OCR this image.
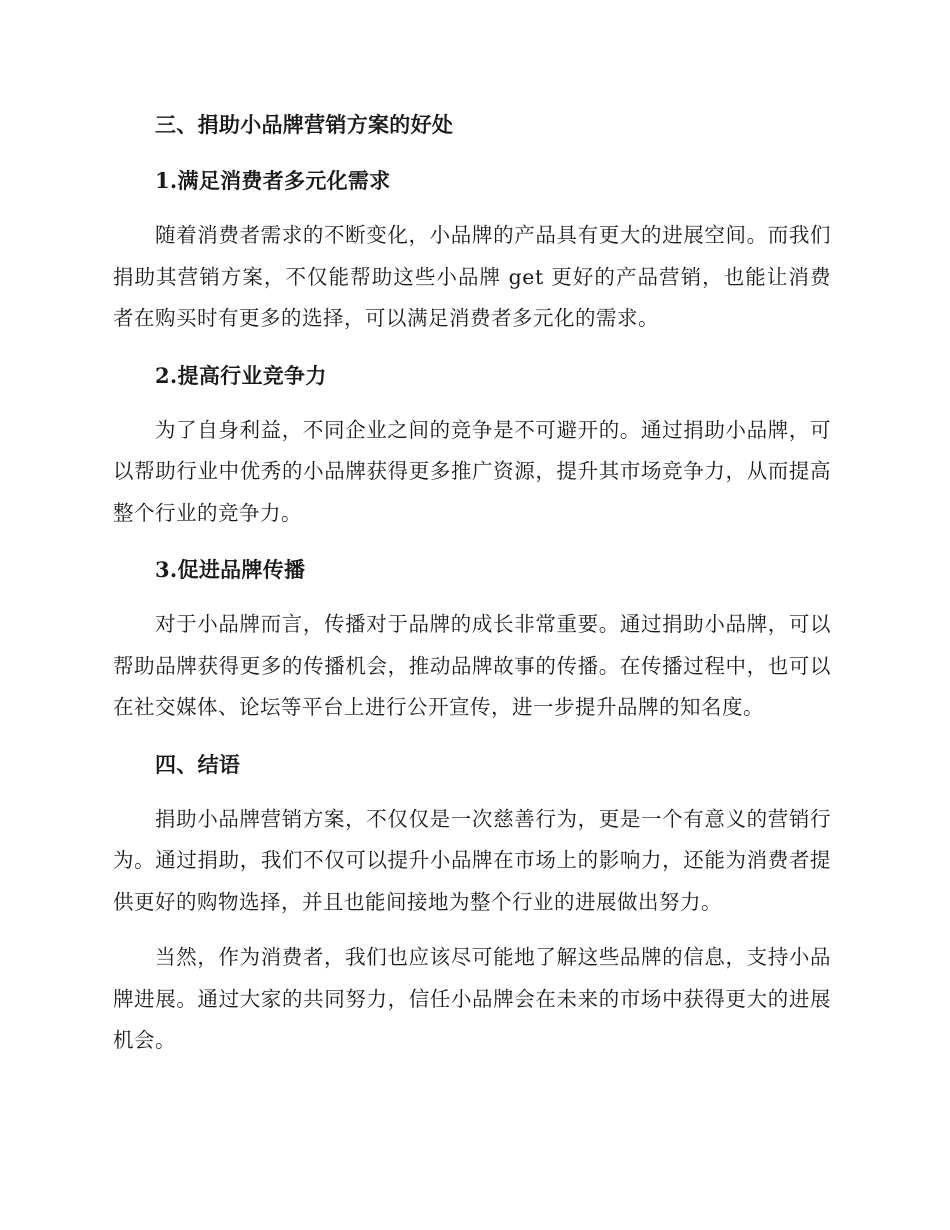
三、捐助小品牌营销方案的好处
1.满足消费者多元化需求

随着消费者需求的不断变化，小品牌的产品具有更大的进展空间。而我们捐助其营销方案，不仅能帮助这些小品牌 get 更好的产品营销，也能让消费者在购买时有更多的选择，可以满足消费者多元化的需求。

2.提高行业竞争力

为了自身利益，不同企业之间的竞争是不可避开的。通过捐助小品牌，可以帮助行业中优秀的小品牌获得更多推广资源，提升其市场竞争力，从而提高整个行业的竞争力。

3.促进品牌传播

对于小品牌而言，传播对于品牌的成长非常重要。通过捐助小品牌，可以帮助品牌获得更多的传播机会，推动品牌故事的传播。在传播过程中，也可以在社交媒体、论坛等平台上进行公开宣传，进一步提升品牌的知名度。

四、结语

捐助小品牌营销方案，不仅仅是一次慈善行为，更是一个有意义的营销行为。通过捐助，我们不仅可以提升小品牌在市场上的影响力，还能为消费者提供更好的购物选择，并且也能间接地为整个行业的进展做出努力。

当然，作为消费者，我们也应该尽可能地了解这些品牌的信息，支持小品牌进展。通过大家的共同努力，信任小品牌会在未来的市场中获得更大的进展机会。
